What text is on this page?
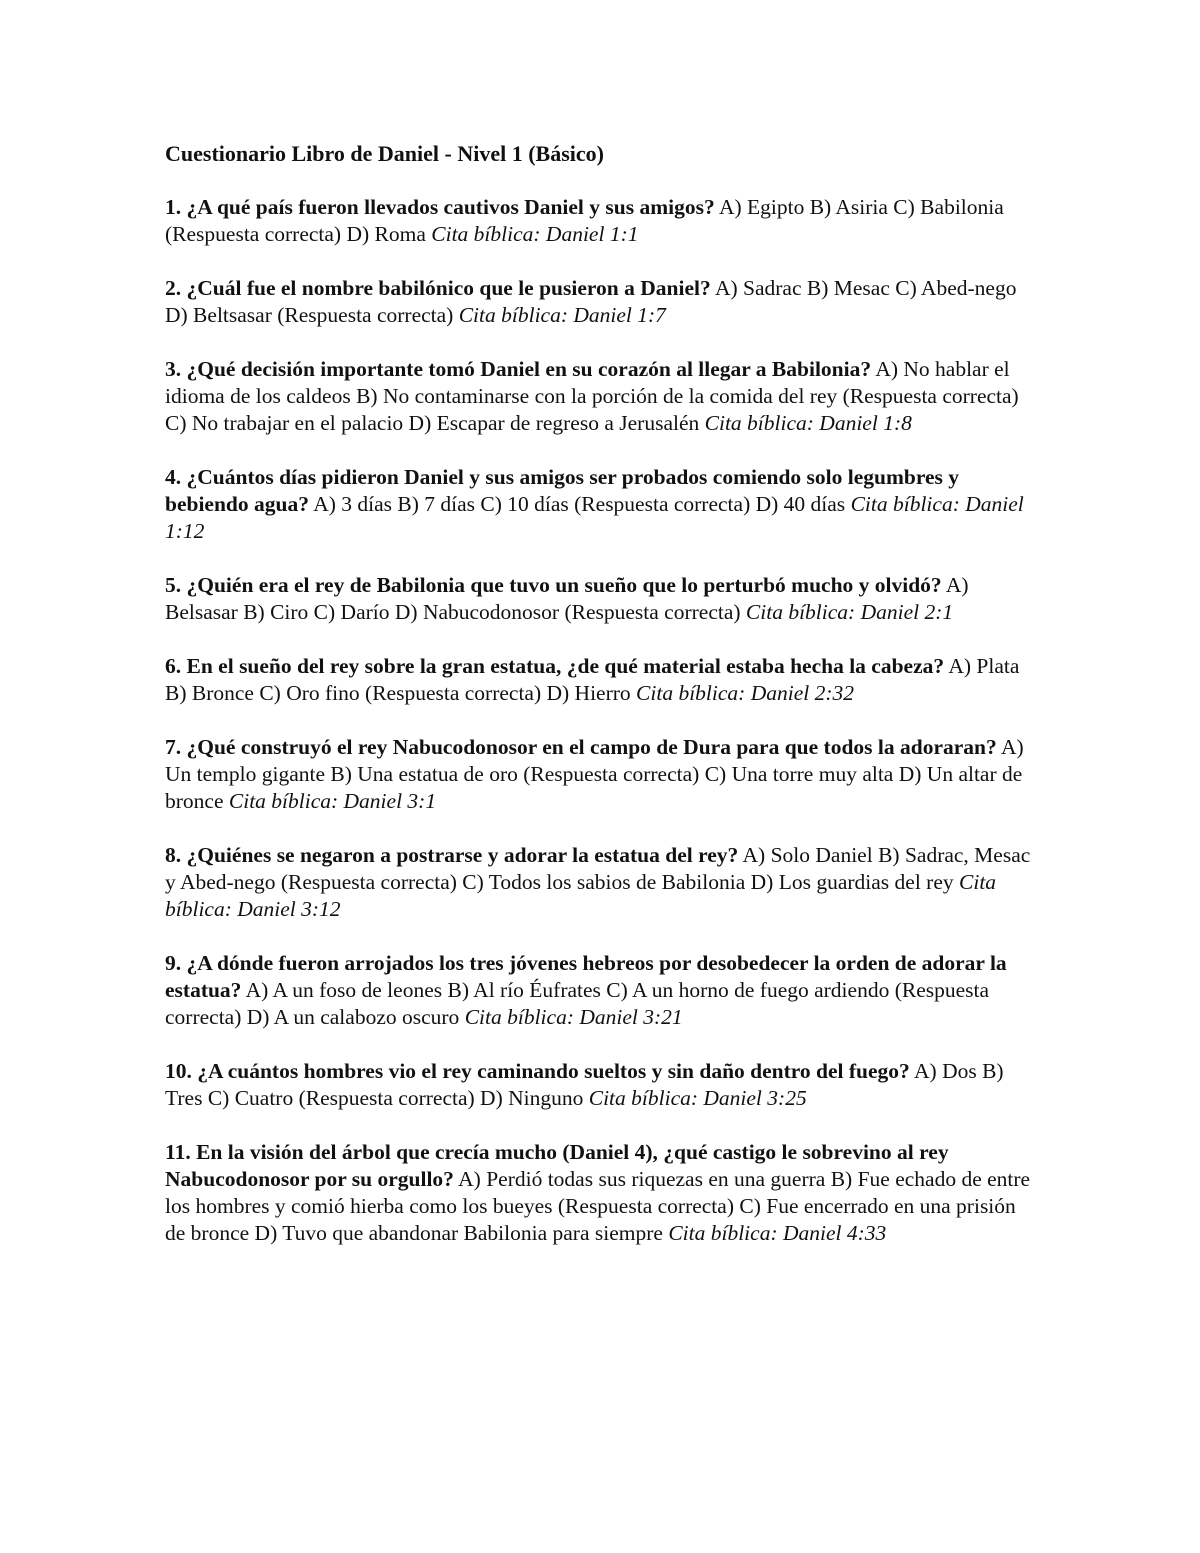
Cuestionario Libro de Daniel - Nivel 1 (Básico)

1. ¿A qué país fueron llevados cautivos Daniel y sus amigos? A) Egipto B) Asiria C) Babilonia (Respuesta correcta) D) Roma Cita bíblica: Daniel 1:1

2. ¿Cuál fue el nombre babilónico que le pusieron a Daniel? A) Sadrac B) Mesac C) Abed-nego D) Beltsasar (Respuesta correcta) Cita bíblica: Daniel 1:7

3. ¿Qué decisión importante tomó Daniel en su corazón al llegar a Babilonia? A) No hablar el idioma de los caldeos B) No contaminarse con la porción de la comida del rey (Respuesta correcta) C) No trabajar en el palacio D) Escapar de regreso a Jerusalén Cita bíblica: Daniel 1:8

4. ¿Cuántos días pidieron Daniel y sus amigos ser probados comiendo solo legumbres y bebiendo agua? A) 3 días B) 7 días C) 10 días (Respuesta correcta) D) 40 días Cita bíblica: Daniel 1:12

5. ¿Quién era el rey de Babilonia que tuvo un sueño que lo perturbó mucho y olvidó? A) Belsasar B) Ciro C) Darío D) Nabucodonosor (Respuesta correcta) Cita bíblica: Daniel 2:1

6. En el sueño del rey sobre la gran estatua, ¿de qué material estaba hecha la cabeza? A) Plata B) Bronce C) Oro fino (Respuesta correcta) D) Hierro Cita bíblica: Daniel 2:32

7. ¿Qué construyó el rey Nabucodonosor en el campo de Dura para que todos la adoraran? A) Un templo gigante B) Una estatua de oro (Respuesta correcta) C) Una torre muy alta D) Un altar de bronce Cita bíblica: Daniel 3:1

8. ¿Quiénes se negaron a postrarse y adorar la estatua del rey? A) Solo Daniel B) Sadrac, Mesac y Abed-nego (Respuesta correcta) C) Todos los sabios de Babilonia D) Los guardias del rey Cita bíblica: Daniel 3:12

9. ¿A dónde fueron arrojados los tres jóvenes hebreos por desobedecer la orden de adorar la estatua? A) A un foso de leones B) Al río Éufrates C) A un horno de fuego ardiendo (Respuesta correcta) D) A un calabozo oscuro Cita bíblica: Daniel 3:21

10. ¿A cuántos hombres vio el rey caminando sueltos y sin daño dentro del fuego? A) Dos B) Tres C) Cuatro (Respuesta correcta) D) Ninguno Cita bíblica: Daniel 3:25

11. En la visión del árbol que crecía mucho (Daniel 4), ¿qué castigo le sobrevino al rey Nabucodonosor por su orgullo? A) Perdió todas sus riquezas en una guerra B) Fue echado de entre los hombres y comió hierba como los bueyes (Respuesta correcta) C) Fue encerrado en una prisión de bronce D) Tuvo que abandonar Babilonia para siempre Cita bíblica: Daniel 4:33
